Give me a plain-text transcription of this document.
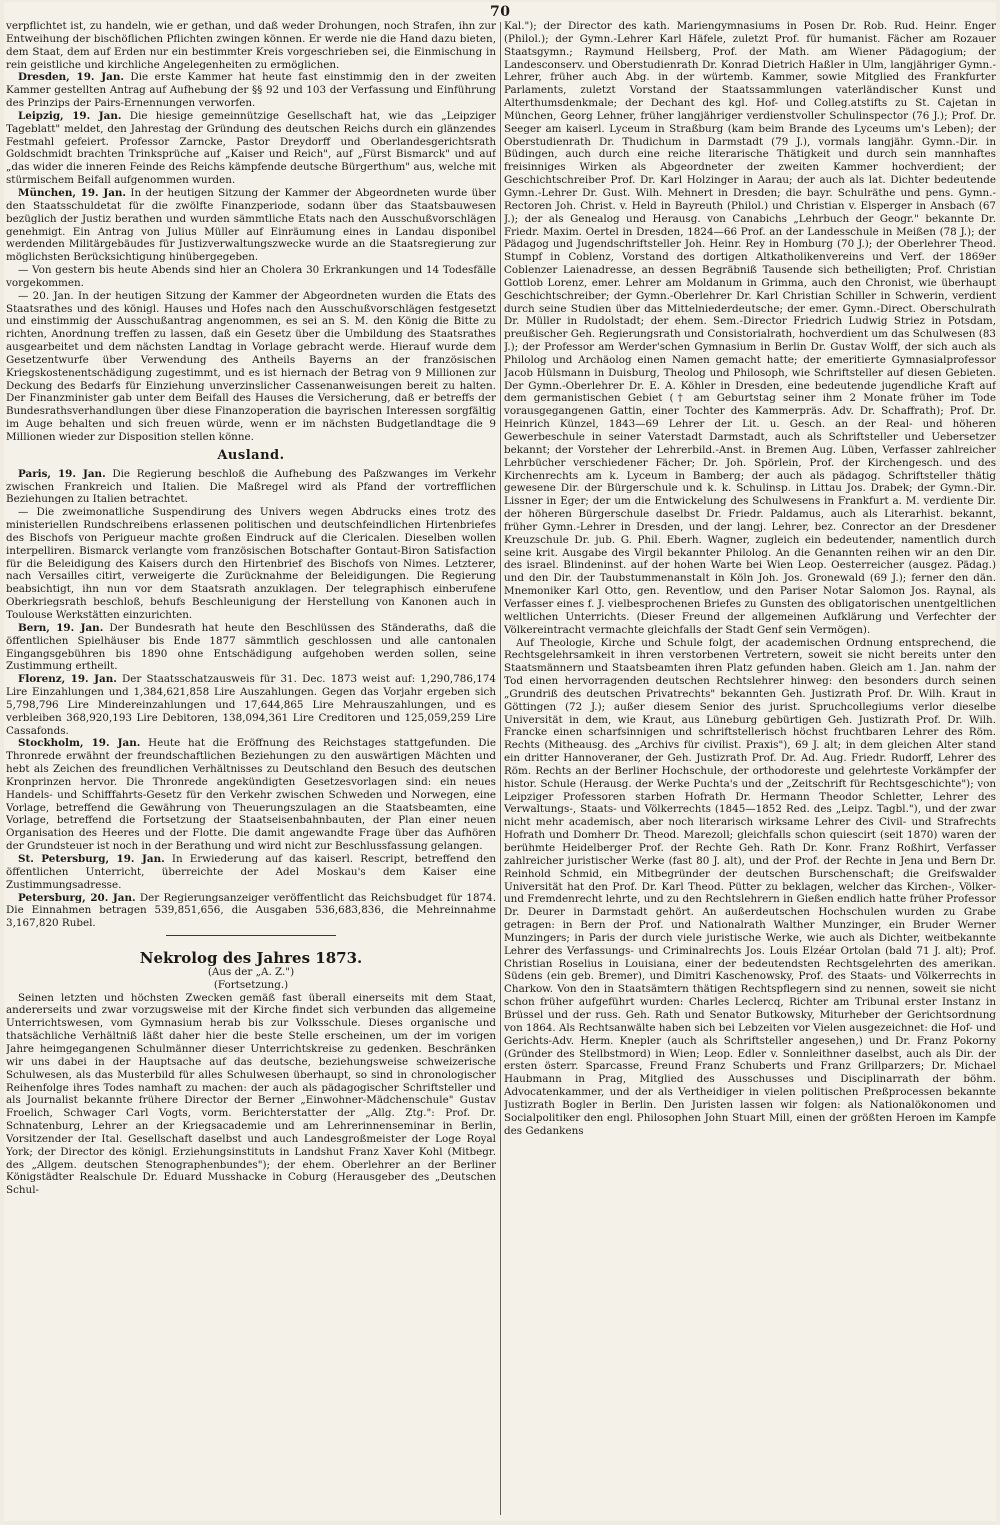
70

verpflichtet ist, zu handeln, wie er gethan, und daß weder Drohungen, noch Strafen, ihn zur Entweihung der bischöflichen Pflichten zwingen können. Er werde nie die Hand dazu bieten, dem Staat, dem auf Erden nur ein bestimmter Kreis vorgeschrieben sei, die Einmischung in rein geistliche und kirchliche Angelegenheiten zu ermöglichen.

Dresden, 19. Jan. Die erste Kammer hat heute fast einstimmig den in der zweiten Kammer gestellten Antrag auf Aufhebung der §§ 92 und 103 der Verfassung und Einführung des Prinzips der Pairs-Ernennungen verworfen.

Leipzig, 19. Jan. Die hiesige gemeinnützige Gesellschaft hat, wie das „Leipziger Tageblatt" meldet, den Jahrestag der Gründung des deutschen Reichs durch ein glänzendes Festmahl gefeiert. Professor Zarncke, Pastor Dreydorff und Oberlandesgerichtsrath Goldschmidt brachten Trinksprüche auf „Kaiser und Reich", auf „Fürst Bismarck" und auf „das wider die inneren Feinde des Reichs kämpfende deutsche Bürgerthum" aus, welche mit stürmischem Beifall aufgenommen wurden.

München, 19. Jan. In der heutigen Sitzung der Kammer der Abgeordneten wurde über den Staatsschuldetat für die zwölfte Finanzperiode, sodann über das Staatsbauwesen bezüglich der Justiz berathen und wurden sämmtliche Etats nach den Ausschußvorschlägen genehmigt. Ein Antrag von Julius Müller auf Einräumung eines in Landau disponibel werdenden Militärgebäudes für Justizverwaltungszwecke wurde an die Staatsregierung zur möglichsten Berücksichtigung hinübergegeben.

— Von gestern bis heute Abends sind hier an Cholera 30 Erkrankungen und 14 Todesfälle vorgekommen.

— 20. Jan. In der heutigen Sitzung der Kammer der Abgeordneten wurden die Etats des Staatsrathes und des königl. Hauses und Hofes nach den Ausschußvorschlägen festgesetzt und einstimmig der Ausschußantrag angenommen, es sei an S. M. den König die Bitte zu richten, Anordnung treffen zu lassen, daß ein Gesetz über die Umbildung des Staatsrathes ausgearbeitet und dem nächsten Landtag in Vorlage gebracht werde. Hierauf wurde dem Gesetzentwurfe über Verwendung des Antheils Bayerns an der französischen Kriegskostenentschädigung zugestimmt, und es ist hiernach der Betrag von 9 Millionen zur Deckung des Bedarfs für Einziehung unverzinslicher Cassenanweisungen bereit zu halten. Der Finanzminister gab unter dem Beifall des Hauses die Versicherung, daß er betreffs der Bundesrathsverhandlungen über diese Finanzoperation die bayrischen Interessen sorgfältig im Auge behalten und sich freuen würde, wenn er im nächsten Budgetlandtage die 9 Millionen wieder zur Disposition stellen könne.

Ausland.

Paris, 19. Jan. Die Regierung beschloß die Aufhebung des Paßzwanges im Verkehr zwischen Frankreich und Italien. Die Maßregel wird als Pfand der vortrefflichen Beziehungen zu Italien betrachtet.

— Die zweimonatliche Suspendirung des Univers wegen Abdrucks eines trotz des ministeriellen Rundschreibens erlassenen politischen und deutschfeindlichen Hirtenbriefes des Bischofs von Perigueur machte großen Eindruck auf die Clericalen. Dieselben wollen interpelliren. Bismarck verlangte vom französischen Botschafter Gontaut-Biron Satisfaction für die Beleidigung des Kaisers durch den Hirtenbrief des Bischofs von Nimes. Letzterer, nach Versailles citirt, verweigerte die Zurücknahme der Beleidigungen. Die Regierung beabsichtigt, ihn nun vor dem Staatsrath anzuklagen. Der telegraphisch einberufene Oberkriegsrath beschloß, behufs Beschleunigung der Herstellung von Kanonen auch in Toulouse Werkstätten einzurichten.

Bern, 19. Jan. Der Bundesrath hat heute den Beschlüssen des Ständeraths, daß die öffentlichen Spielhäuser bis Ende 1877 sämmtlich geschlossen und alle cantonalen Eingangsgebühren bis 1890 ohne Entschädigung aufgehoben werden sollen, seine Zustimmung ertheilt.

Florenz, 19. Jan. Der Staatsschatzausweis für 31. Dec. 1873 weist auf: 1,290,786,174 Lire Einzahlungen und 1,384,621,858 Lire Auszahlungen. Gegen das Vorjahr ergeben sich 5,798,796 Lire Mindereinzahlungen und 17,644,865 Lire Mehrauszahlungen, und es verbleiben 368,920,193 Lire Debitoren, 138,094,361 Lire Creditoren und 125,059,259 Lire Cassafonds.

Stockholm, 19. Jan. Heute hat die Eröffnung des Reichstages stattgefunden. Die Thronrede erwähnt der freundschaftlichen Beziehungen zu den auswärtigen Mächten und hebt als Zeichen des freundlichen Verhältnisses zu Deutschland den Besuch des deutschen Kronprinzen hervor. Die Thronrede angekündigten Gesetzesvorlagen sind: ein neues Handels- und Schifffahrts-Gesetz für den Verkehr zwischen Schweden und Norwegen, eine Vorlage, betreffend die Gewährung von Theuerungszulagen an die Staatsbeamten, eine Vorlage, betreffend die Fortsetzung der Staatseisenbahnbauten, der Plan einer neuen Organisation des Heeres und der Flotte. Die damit angewandte Frage über das Aufhören der Grundsteuer ist noch in der Berathung und wird nicht zur Beschlussfassung gelangen.

St. Petersburg, 19. Jan. In Erwiederung auf das kaiserl. Rescript, betreffend den öffentlichen Unterricht, überreichte der Adel Moskau's dem Kaiser eine Zustimmungsadresse.

Petersburg, 20. Jan. Der Regierungsanzeiger veröffentlicht das Reichsbudget für 1874. Die Einnahmen betragen 539,851,656, die Ausgaben 536,683,836, die Mehreinnahme 3,167,820 Rubel.

Nekrolog des Jahres 1873.
(Aus der „A. Z.")
(Fortsetzung.)

Seinen letzten und höchsten Zwecken gemäß fast überall einerseits mit dem Staat, andererseits und zwar vorzugsweise mit der Kirche findet sich verbunden das allgemeine Unterrichtswesen, vom Gymnasium herab bis zur Volksschule. Dieses organische und thatsächliche Verhältniß läßt daher hier die beste Stelle erscheinen, um der im vorigen Jahre heimgegangenen Schulmänner dieser Unterrichtskreise zu gedenken. Beschränken wir uns dabei in der Hauptsache auf das deutsche, beziehungsweise schweizerische Schulwesen, als das Musterbild für alles Schulwesen überhaupt, so sind in chronologischer Reihenfolge ihres Todes namhaft zu machen: der auch als pädagogischer Schriftsteller und als Journalist bekannte frühere Director der Berner „Einwohner-Mädchenschule" Gustav Froelich, Schwager Carl Vogts, vorm. Berichterstatter der „Allg. Ztg.": Prof. Dr. Schnatenburg, Lehrer an der Kriegsacademie und am Lehrerinnenseminar in Berlin, Vorsitzender der Ital. Gesellschaft daselbst und auch Landesgroßmeister der Loge Royal York; der Director des königl. Erziehungsinstituts in Landshut Franz Xaver Kohl (Mitbegr. des „Allgem. deutschen Stenographenbundes"); der ehem. Oberlehrer an der Berliner Königstädter Realschule Dr. Eduard Musshacke in Coburg (Herausgeber des „Deutschen Schul-

Kal."); der Director des kath. Mariengymnasiums in Posen Dr. Rob. Rud. Heinr. Enger (Philol.); der Gymn.-Lehrer Karl Häfele, zuletzt Prof. für humanist. Fächer am Rozauer Staatsgymn.; Raymund Heilsberg, Prof. der Math. am Wiener Pädagogium; der Landesconserv. und Oberstudienrath Dr. Konrad Dietrich Haßler in Ulm, langjähriger Gymn.-Lehrer, früher auch Abg. in der würtemb. Kammer, sowie Mitglied des Frankfurter Parlaments, zuletzt Vorstand der Staatssammlungen vaterländischer Kunst und Alterthumsdenkmale; der Dechant des kgl. Hof- und Colleg.atstifts zu St. Cajetan in München, Georg Lehner, früher langjähriger verdienstvoller Schulinspector (76 J.); Prof. Dr. Seeger am kaiserl. Lyceum in Straßburg (kam beim Brande des Lyceums um's Leben); der Oberstudienrath Dr. Thudichum in Darmstadt (79 J.), vormals langjähr. Gymn.-Dir. in Büdingen, auch durch eine reiche literarische Thätigkeit und durch sein mannhaftes freisinniges Wirken als Abgeordneter der zweiten Kammer hochverdient; der Geschichtschreiber Prof. Dr. Karl Holzinger in Aarau; der auch als lat. Dichter bedeutende Gymn.-Lehrer Dr. Gust. Wilh. Mehnert in Dresden; die bayr. Schulräthe und pens. Gymn.-Rectoren Joh. Christ. v. Held in Bayreuth (Philol.) und Christian v. Elsperger in Ansbach (67 J.); der als Genealog und Herausg. von Canabichs „Lehrbuch der Geogr." bekannte Dr. Friedr. Maxim. Oertel in Dresden, 1824—66 Prof. an der Landesschule in Meißen (78 J.); der Pädagog und Jugendschriftsteller Joh. Heinr. Rey in Homburg (70 J.); der Oberlehrer Theod. Stumpf in Coblenz, Vorstand des dortigen Altkatholikenvereins und Verf. der 1869er Coblenzer Laienadresse, an dessen Begräbniß Tausende sich betheiligten; Prof. Christian Gottlob Lorenz, emer. Lehrer am Moldanum in Grimma, auch den Chronist, wie überhaupt Geschichtschreiber; der Gymn.-Oberlehrer Dr. Karl Christian Schiller in Schwerin, verdient durch seine Studien über das Mittelniederdeutsche; der emer. Gymn.-Direct. Oberschulrath Dr. Müller in Rudolstadt; der ehem. Sem.-Director Friedrich Ludwig Striez in Potsdam, preußischer Geh. Regierungsrath und Consistorialrath, hochverdient um das Schulwesen (83 J.); der Professor am Werder'schen Gymnasium in Berlin Dr. Gustav Wolff, der sich auch als Philolog und Archäolog einen Namen gemacht hatte; der emeritierte Gymnasialprofessor Jacob Hülsmann in Duisburg, Theolog und Philosoph, wie Schriftsteller auf diesen Gebieten. Der Gymn.-Oberlehrer Dr. E. A. Köhler in Dresden, eine bedeutende jugendliche Kraft auf dem germanistischen Gebiet († am Geburtstag seiner ihm 2 Monate früher im Tode vorausgegangenen Gattin, einer Tochter des Kammerpräs. Adv. Dr. Schaffrath); Prof. Dr. Heinrich Künzel, 1843—69 Lehrer der Lit. u. Gesch. an der Real- und höheren Gewerbeschule in seiner Vaterstadt Darmstadt, auch als Schriftsteller und Uebersetzer bekannt; der Vorsteher der Lehrerbild.-Anst. in Bremen Aug. Lüben, Verfasser zahlreicher Lehrbücher verschiedener Fächer; Dr. Joh. Spörlein, Prof. der Kirchengesch. und des Kirchenrechts am k. Lyceum in Bamberg; der auch als pädagog. Schriftsteller thätig gewesene Dir. der Bürgerschule und k. k. Schulinsp. in Littau Jos. Drabek; der Gymn.-Dir. Lissner in Eger; der um die Entwickelung des Schulwesens in Frankfurt a. M. verdiente Dir. der höheren Bürgerschule daselbst Dr. Friedr. Paldamus, auch als Literarhist. bekannt, früher Gymn.-Lehrer in Dresden, und der langj. Lehrer, bez. Conrector an der Dresdener Kreuzschule Dr. jub. G. Phil. Eberh. Wagner, zugleich ein bedeutender, namentlich durch seine krit. Ausgabe des Virgil bekannter Philolog. An die Genannten reihen wir an den Dir. des israel. Blindeninst. auf der hohen Warte bei Wien Leop. Oesterreicher (ausgez. Pädag.) und den Dir. der Taubstummenanstalt in Köln Joh. Jos. Gronewald (69 J.); ferner den dän. Mnemoniker Karl Otto, gen. Reventlow, und den Pariser Notar Salomon Jos. Raynal, als Verfasser eines f. J. vielbesprochenen Briefes zu Gunsten des obligatorischen unentgeltlichen weltlichen Unterrichts. (Dieser Freund der allgemeinen Aufklärung und Verfechter der Völkereintracht vermachte gleichfalls der Stadt Genf sein Vermögen).

Auf Theologie, Kirche und Schule folgt, der academischen Ordnung entsprechend, die Rechtsgelehrsamkeit in ihren verstorbenen Vertretern, soweit sie nicht bereits unter den Staatsmännern und Staatsbeamten ihren Platz gefunden haben. Gleich am 1. Jan. nahm der Tod einen hervorragenden deutschen Rechtslehrer hinweg: den besonders durch seinen „Grundriß des deutschen Privatrechts" bekannten Geh. Justizrath Prof. Dr. Wilh. Kraut in Göttingen (72 J.); außer diesem Senior des jurist. Spruchcollegiums verlor dieselbe Universität in dem, wie Kraut, aus Lüneburg gebürtigen Geh. Justizrath Prof. Dr. Wilh. Francke einen scharfsinnigen und schriftstellerisch höchst fruchtbaren Lehrer des Röm. Rechts (Mitheausg. des „Archivs für civilist. Praxis"), 69 J. alt; in dem gleichen Alter stand ein dritter Hannoveraner, der Geh. Justizrath Prof. Dr. Ad. Aug. Friedr. Rudorff, Lehrer des Röm. Rechts an der Berliner Hochschule, der orthodoreste und gelehrteste Vorkämpfer der histor. Schule (Herausg. der Werke Puchta's und der „Zeitschrift für Rechtsgeschichte"); von Leipziger Professoren starben Hofrath Dr. Hermann Theodor Schletter, Lehrer des Verwaltungs-, Staats- und Völkerrechts (1845—1852 Red. des „Leipz. Tagbl."), und der zwar nicht mehr academisch, aber noch literarisch wirksame Lehrer des Civil- und Strafrechts Hofrath und Domherr Dr. Theod. Marezoll; gleichfalls schon quiescirt (seit 1870) waren der berühmte Heidelberger Prof. der Rechte Geh. Rath Dr. Konr. Franz Roßhirt, Verfasser zahlreicher juristischer Werke (fast 80 J. alt), und der Prof. der Rechte in Jena und Bern Dr. Reinhold Schmid, ein Mitbegründer der deutschen Burschenschaft; die Greifswalder Universität hat den Prof. Dr. Karl Theod. Pütter zu beklagen, welcher das Kirchen-, Völker- und Fremdenrecht lehrte, und zu den Rechtslehrern in Gießen endlich hatte früher Professor Dr. Deurer in Darmstadt gehört. An außerdeutschen Hochschulen wurden zu Grabe getragen: in Bern der Prof. und Nationalrath Walther Munzinger, ein Bruder Werner Munzingers; in Paris der durch viele juristische Werke, wie auch als Dichter, weitbekannte Lehrer des Verfassungs- und Criminalrechts Jos. Louis Elzéar Ortolan (bald 71 J. alt); Prof. Christian Roselius in Louisiana, einer der bedeutendsten Rechtsgelehrten des amerikan. Südens (ein geb. Bremer), und Dimitri Kaschenowsky, Prof. des Staats- und Völkerrechts in Charkow. Von den in Staatsämtern thätigen Rechtspflegern sind zu nennen, soweit sie nicht schon früher aufgeführt wurden: Charles Leclercq, Richter am Tribunal erster Instanz in Brüssel und der russ. Geh. Rath und Senator Butkowsky, Miturheber der Gerichtsordnung von 1864. Als Rechtsanwälte haben sich bei Lebzeiten vor Vielen ausgezeichnet: die Hof- und Gerichts-Adv. Herm. Knepler (auch als Schriftsteller angesehen,) und Dr. Franz Pokorny (Gründer des Stellbstmord) in Wien; Leop. Edler v. Sonnleithner daselbst, auch als Dir. der ersten österr. Sparcasse, Freund Franz Schuberts und Franz Grillparzers; Dr. Michael Haubmann in Prag, Mitglied des Ausschusses und Disciplinarrath der böhm. Advocatenkammer, und der als Vertheidiger in vielen politischen Preßprocessen bekannte Justizrath Bogler in Berlin. Den Juristen lassen wir folgen: als Nationalökonomen und Socialpolitiker den engl. Philosophen John Stuart Mill, einen der größten Heroen im Kampfe des Gedankens
